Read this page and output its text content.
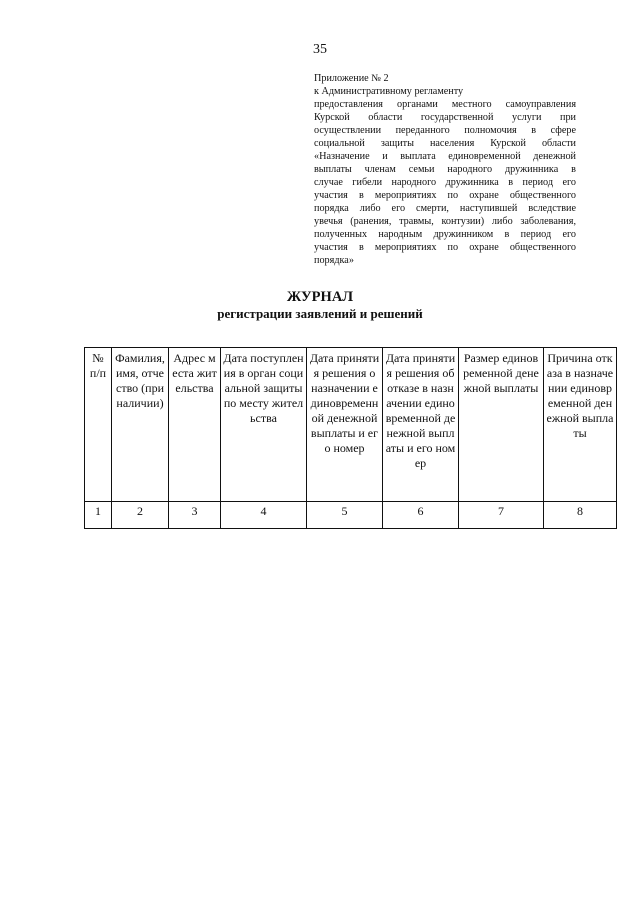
35
Приложение № 2
к Административному регламенту
предоставления органами местного самоуправления
Курской области государственной услуги при
осуществлении переданного полномочия в сфере
социальной защиты населения Курской области
«Назначение и выплата единовременной денежной
выплаты членам семьи народного дружинника в
случае гибели народного дружинника в период его
участия в мероприятиях по охране общественного
порядка либо его смерти, наступившей вследствие
увечья (ранения, травмы, контузии) либо заболевания,
полученных народным дружинником в период его
участия в мероприятиях по охране общественного
порядка»
ЖУРНАЛ
регистрации заявлений и решений
№ п/п	Фамилия, имя, отчество (при наличии)	Адрес места жительства	Дата поступления в орган социальной защиты по месту жительства	Дата принятия решения о назначении единовременной денежной выплаты и его номер	Дата принятия решения об отказе в назначении единовременной денежной выплаты и его номер	Размер единовременной денежной выплаты	Причина отказа в назначении единовременной денежной выплаты
1	2	3	4	5	6	7	8
